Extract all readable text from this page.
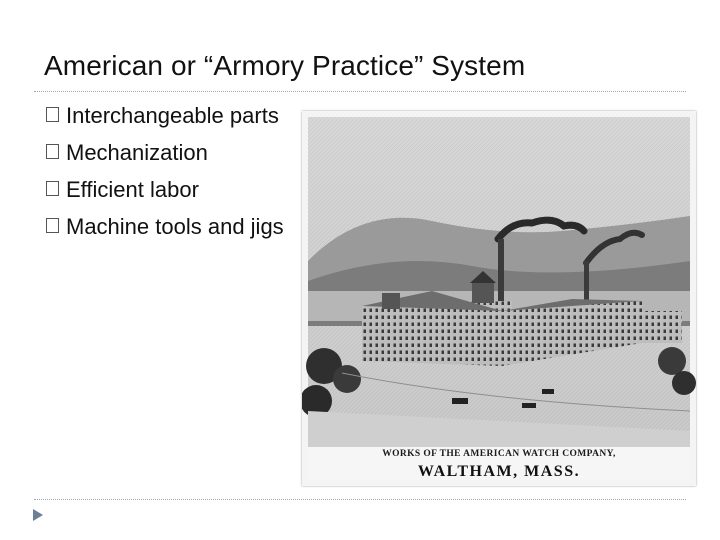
American or “Armory Practice” System
Interchangeable parts
Mechanization
Efficient labor
Machine tools and jigs
WORKS OF THE AMERICAN WATCH COMPANY,
WALTHAM, MASS.
